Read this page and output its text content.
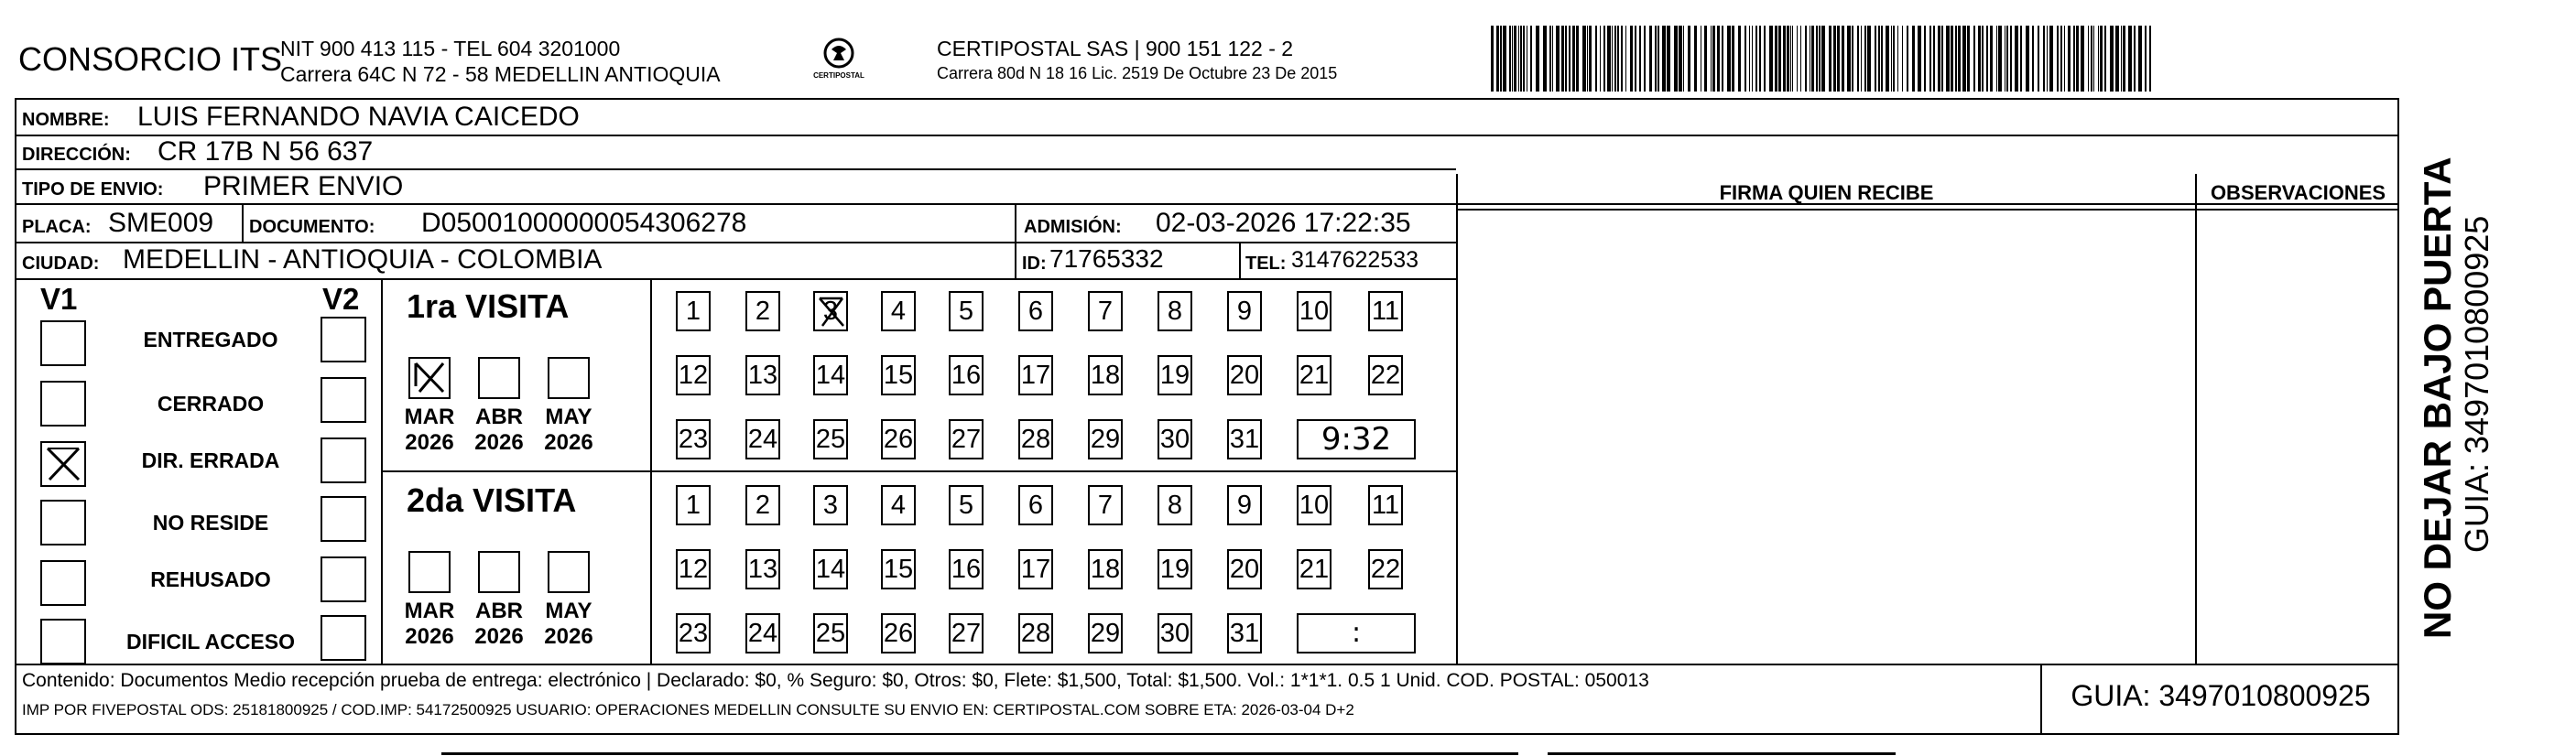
CONSORCIO ITS
NIT 900 413 115 - TEL 604 3201000
Carrera 64C N 72 - 58 MEDELLIN ANTIOQUIA	CERTIPOSTAL
CERTIPOSTAL SAS | 900 151 122 - 2
Carrera 80d N 18 16 Lic. 2519 De Octubre 23 De 2015
NOMBRE: LUIS FERNANDO NAVIA CAICEDO
DIRECCIÓN: CR 17B N 56 637
TIPO DE ENVIO: PRIMER ENVIO
PLACA: SME009 DOCUMENTO: D05001000000054306278	ADMISIÓN: 02-03-2026 17:22:35
CIUDAD: MEDELLIN - ANTIOQUIA - COLOMBIA	ID: 71765332	TEL: 3147622533
FIRMA QUIEN RECIBE	OBSERVACIONES
V1	V2
ENTREGADO
CERRADO
DIR. ERRADA
NO RESIDE
REHUSADO
DIFICIL ACCESO
1ra VISITA
MAR
2026
ABR
2026
MAY
2026
1	2	3	4	5	6	7	8	9	10 11
12 13 14 15 16 17 18 19 20 21 22
23 24 25 26 27 28 29 30 31	9:32
2da VISITA
MAR
2026
ABR
2026
MAY
2026
1	2	3	4	5	6	7	8	9	10 11
12 13 14 15 16 17 18 19 20 21 22
23 24 25 26 27 28 29 30 31	:
Contenido: Documentos Medio recepción prueba de entrega: electrónico | Declarado: $0, % Seguro: $0, Otros: $0, Flete: $1,500, Total: $1,500. Vol.: 1*1*1. 0.5 1 Unid. COD. POSTAL: 050013
IMP POR FIVEPOSTAL ODS: 25181800925 / COD.IMP: 54172500925 USUARIO: OPERACIONES MEDELLIN CONSULTE SU ENVIO EN: CERTIPOSTAL.COM SOBRE ETA: 2026-03-04 D+2	GUIA: 3497010800925
NO DEJAR BAJO PUERTA GUIA: 3497010800925
